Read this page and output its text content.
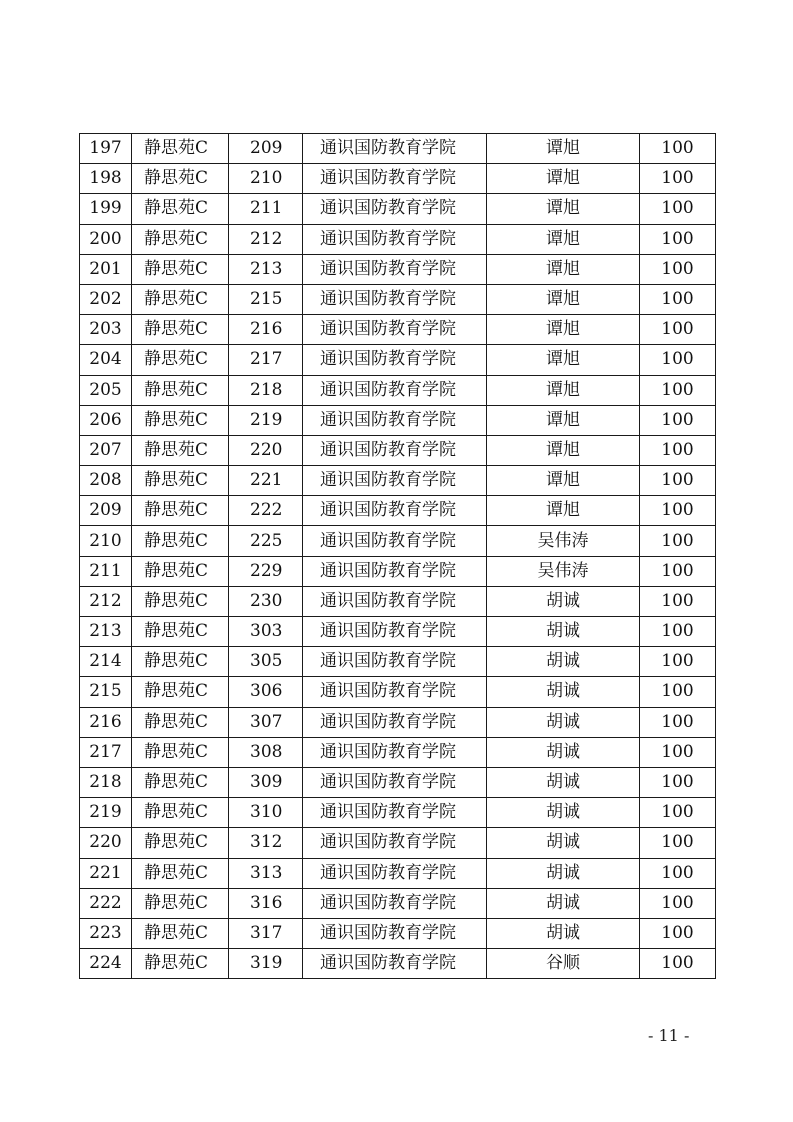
197	静思苑C	209	通识国防教育学院	谭旭	100
198	静思苑C	210	通识国防教育学院	谭旭	100
199	静思苑C	211	通识国防教育学院	谭旭	100
200	静思苑C	212	通识国防教育学院	谭旭	100
201	静思苑C	213	通识国防教育学院	谭旭	100
202	静思苑C	215	通识国防教育学院	谭旭	100
203	静思苑C	216	通识国防教育学院	谭旭	100
204	静思苑C	217	通识国防教育学院	谭旭	100
205	静思苑C	218	通识国防教育学院	谭旭	100
206	静思苑C	219	通识国防教育学院	谭旭	100
207	静思苑C	220	通识国防教育学院	谭旭	100
208	静思苑C	221	通识国防教育学院	谭旭	100
209	静思苑C	222	通识国防教育学院	谭旭	100
210	静思苑C	225	通识国防教育学院	吴伟涛	100
211	静思苑C	229	通识国防教育学院	吴伟涛	100
212	静思苑C	230	通识国防教育学院	胡诚	100
213	静思苑C	303	通识国防教育学院	胡诚	100
214	静思苑C	305	通识国防教育学院	胡诚	100
215	静思苑C	306	通识国防教育学院	胡诚	100
216	静思苑C	307	通识国防教育学院	胡诚	100
217	静思苑C	308	通识国防教育学院	胡诚	100
218	静思苑C	309	通识国防教育学院	胡诚	100
219	静思苑C	310	通识国防教育学院	胡诚	100
220	静思苑C	312	通识国防教育学院	胡诚	100
221	静思苑C	313	通识国防教育学院	胡诚	100
222	静思苑C	316	通识国防教育学院	胡诚	100
223	静思苑C	317	通识国防教育学院	胡诚	100
224	静思苑C	319	通识国防教育学院	谷顺	100
- 11 -
